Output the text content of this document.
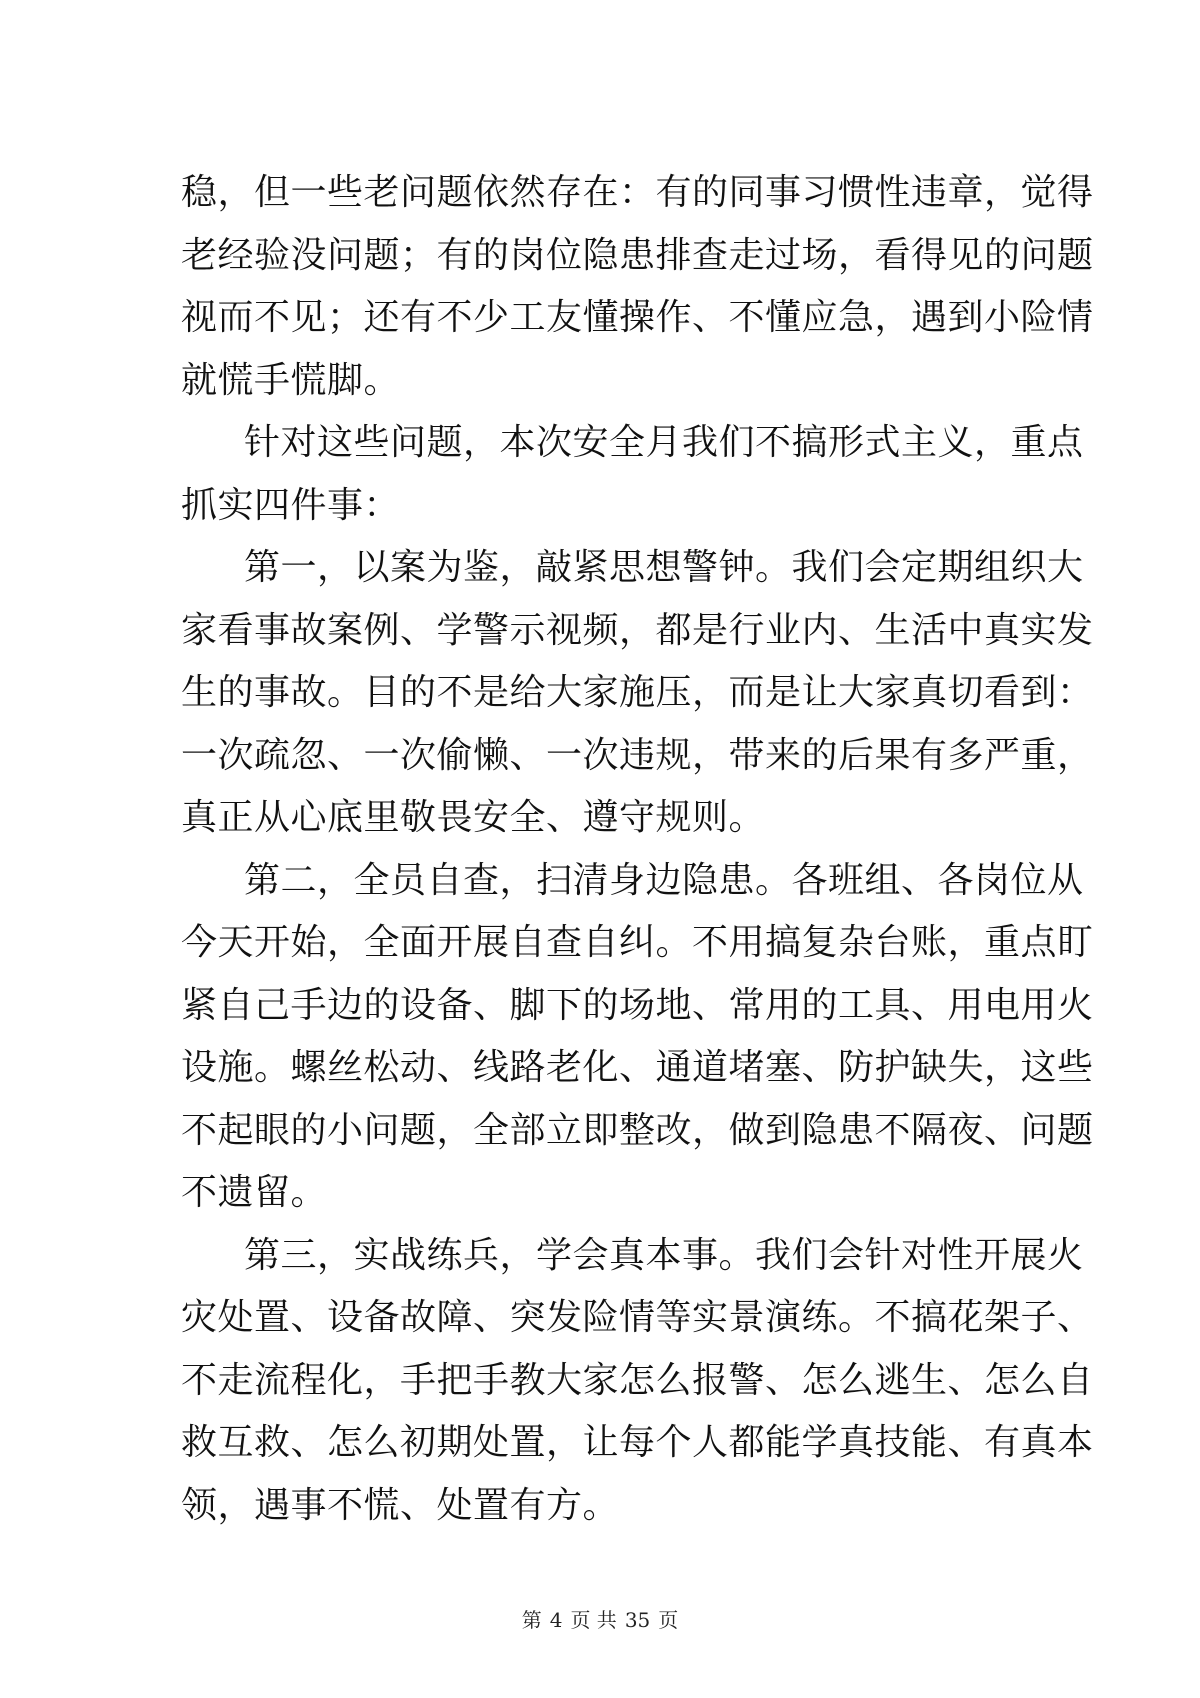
稳，但一些老问题依然存在：有的同事习惯性违章，觉得
老经验没问题；有的岗位隐患排查走过场，看得见的问题
视而不见；还有不少工友懂操作、不懂应急，遇到小险情
就慌手慌脚。
针对这些问题，本次安全月我们不搞形式主义，重点
抓实四件事：
第一，以案为鉴，敲紧思想警钟。我们会定期组织大
家看事故案例、学警示视频，都是行业内、生活中真实发
生的事故。目的不是给大家施压，而是让大家真切看到：
一次疏忽、一次偷懒、一次违规，带来的后果有多严重，
真正从心底里敬畏安全、遵守规则。
第二，全员自查，扫清身边隐患。各班组、各岗位从
今天开始，全面开展自查自纠。不用搞复杂台账，重点盯
紧自己手边的设备、脚下的场地、常用的工具、用电用火
设施。螺丝松动、线路老化、通道堵塞、防护缺失，这些
不起眼的小问题，全部立即整改，做到隐患不隔夜、问题
不遗留。
第三，实战练兵，学会真本事。我们会针对性开展火
灾处置、设备故障、突发险情等实景演练。不搞花架子、
不走流程化，手把手教大家怎么报警、怎么逃生、怎么自
救互救、怎么初期处置，让每个人都能学真技能、有真本
领，遇事不慌、处置有方。
第 4 页 共 35 页
